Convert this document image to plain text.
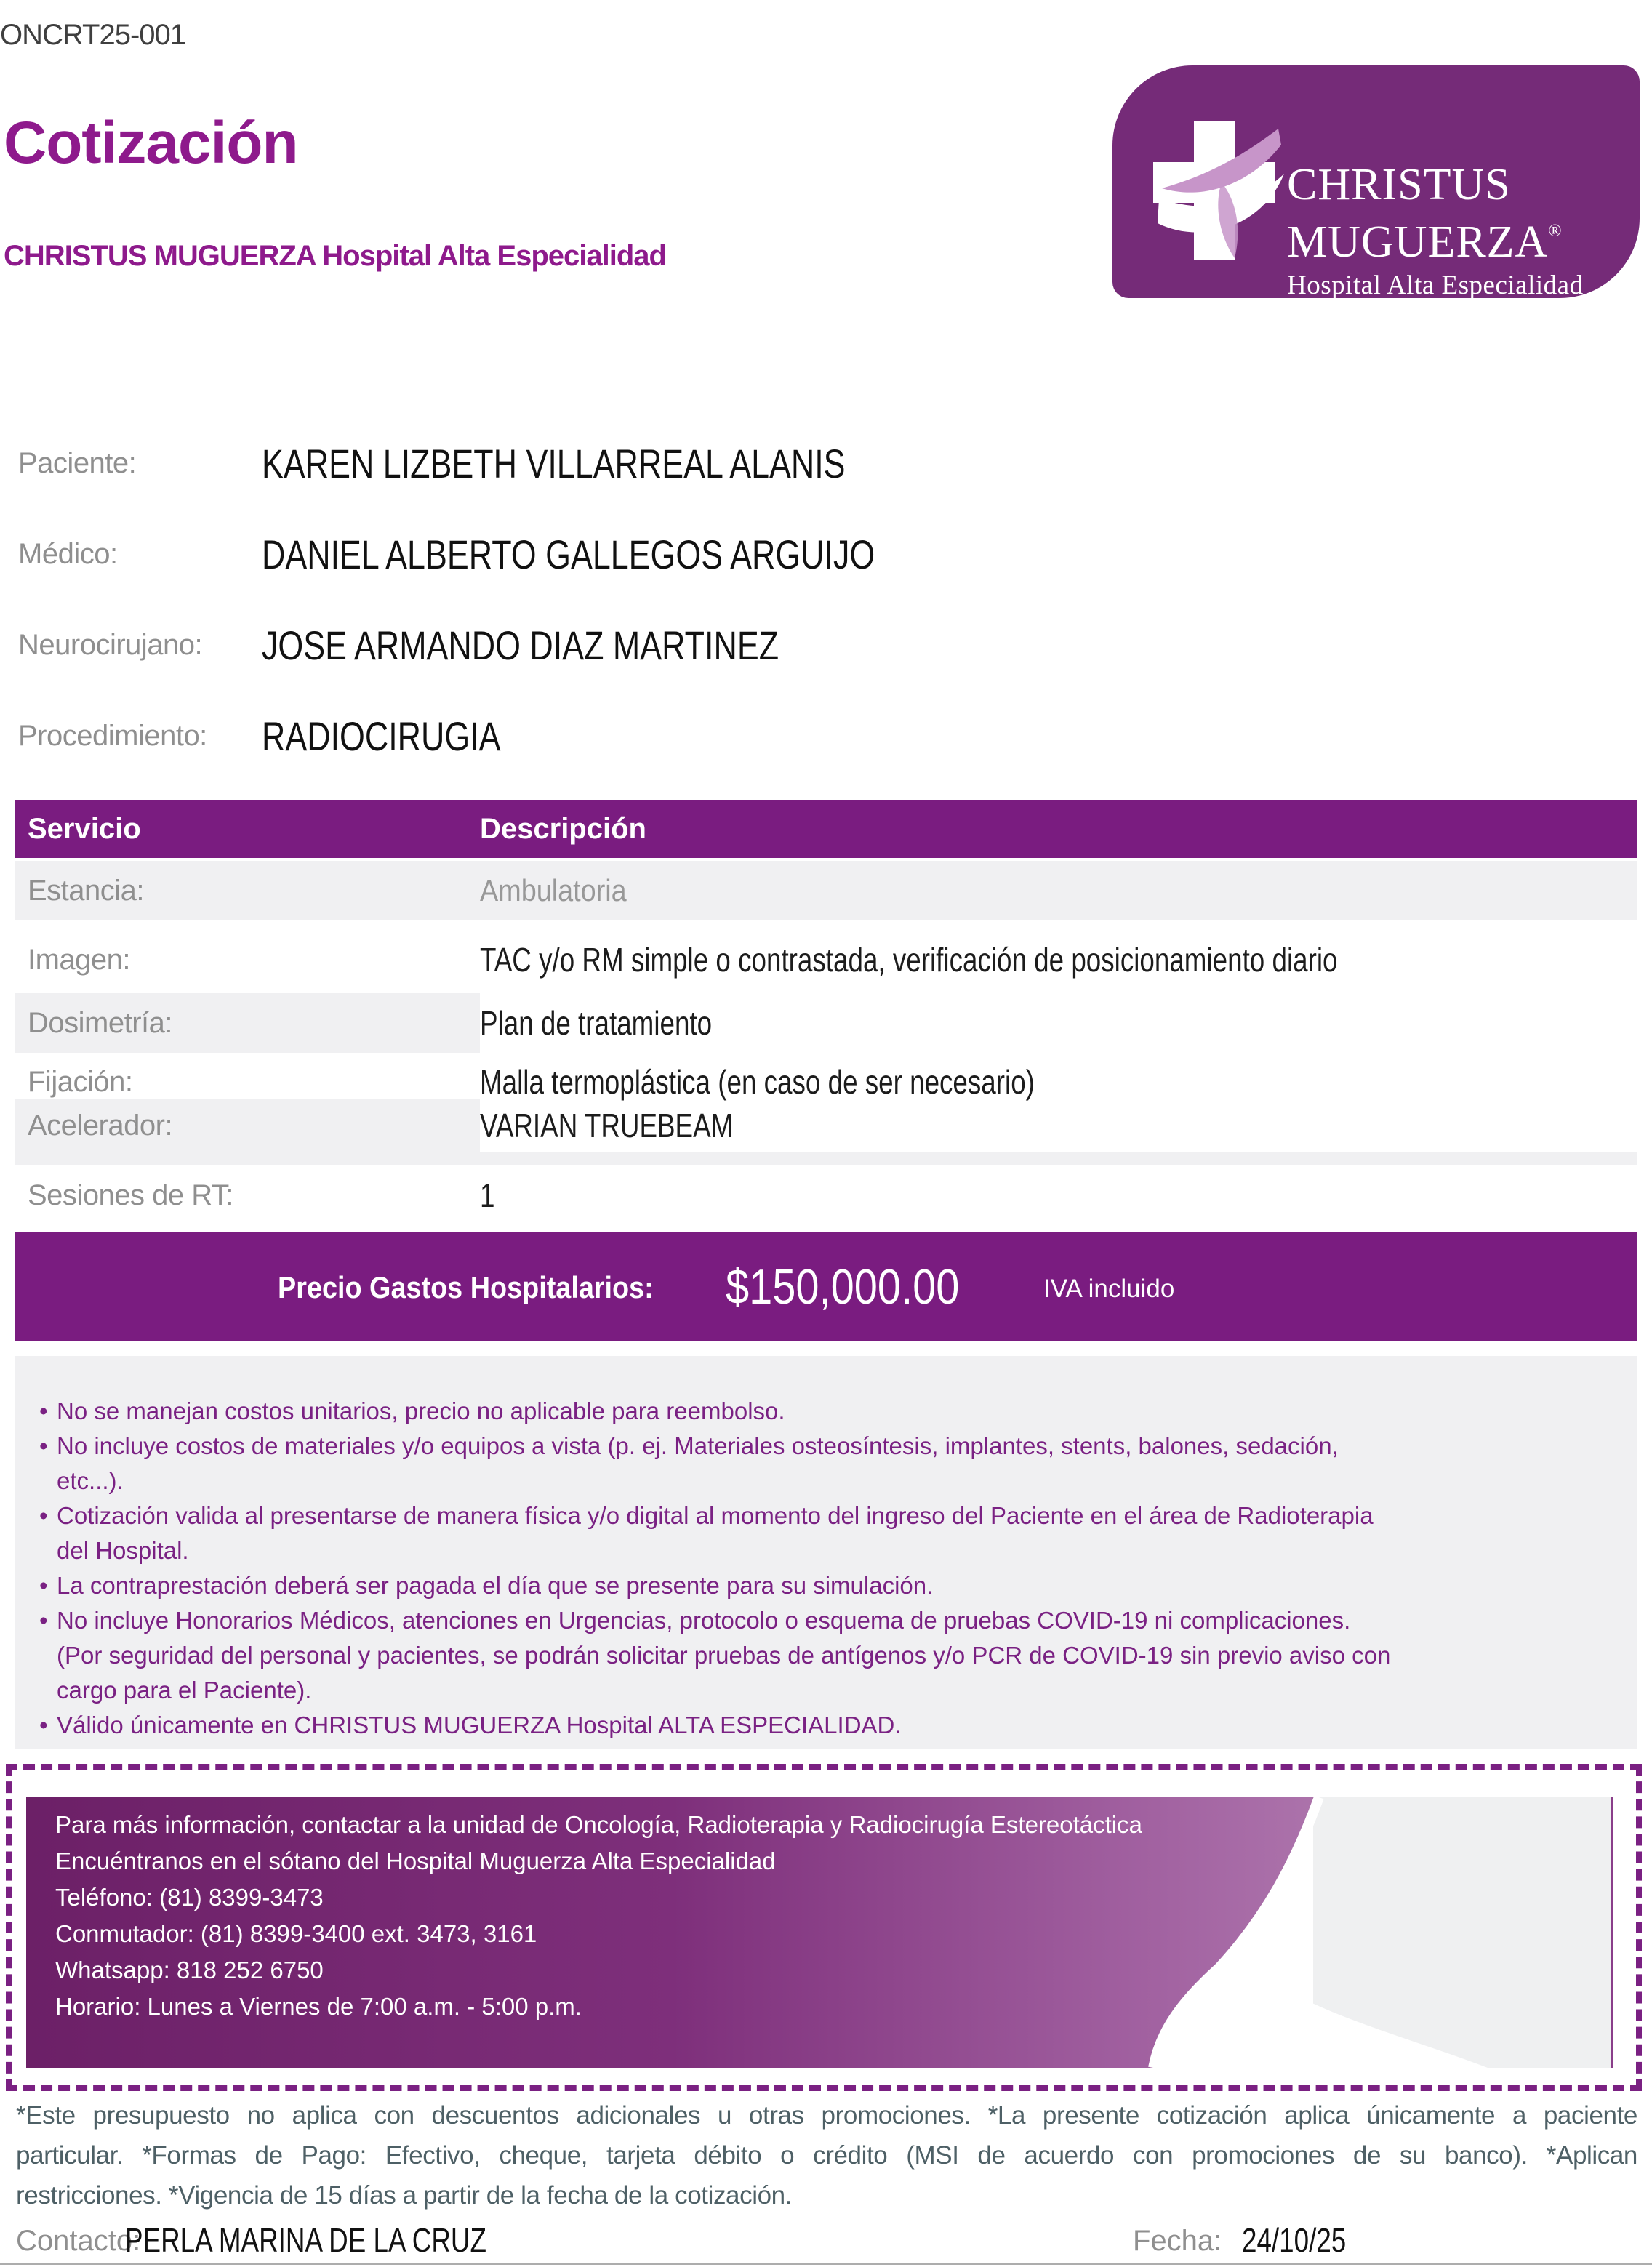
ONCRT25-001
Cotización
CHRISTUS MUGUERZA Hospital Alta Especialidad
CHRISTUS
MUGUERZA®
Hospital Alta Especialidad
Paciente:	KAREN LIZBETH VILLARREAL ALANIS
Médico:	DANIEL ALBERTO GALLEGOS ARGUIJO
Neurocirujano:	JOSE ARMANDO DIAZ MARTINEZ
Procedimiento:	RADIOCIRUGIA
Servicio	Descripción
Estancia:	Ambulatoria
Imagen:	TAC y/o RM simple o contrastada, verificación de posicionamiento diario
Dosimetría:	Plan de tratamiento
Fijación:	Malla termoplástica (en caso de ser necesario)
Acelerador:	VARIAN TRUEBEAM
Sesiones de RT:	1
Precio Gastos Hospitalarios:	$150,000.00	IVA incluido
• No se manejan costos unitarios, precio no aplicable para reembolso.
• No incluye costos de materiales y/o equipos a vista (p. ej. Materiales osteosíntesis, implantes, stents, balones, sedación,
etc...).
• Cotización valida al presentarse de manera física y/o digital al momento del ingreso del Paciente en el área de Radioterapia
del Hospital.
• La contraprestación deberá ser pagada el día que se presente para su simulación.
• No incluye Honorarios Médicos, atenciones en Urgencias, protocolo o esquema de pruebas COVID-19 ni complicaciones.
(Por seguridad del personal y pacientes, se podrán solicitar pruebas de antígenos y/o PCR de COVID-19 sin previo aviso con
cargo para el Paciente).
• Válido únicamente en CHRISTUS MUGUERZA Hospital ALTA ESPECIALIDAD.
Para más información, contactar a la unidad de Oncología, Radioterapia y Radiocirugía Estereotáctica
Encuéntranos en el sótano del Hospital Muguerza Alta Especialidad
Teléfono: (81) 8399-3473
Conmutador: (81) 8399-3400 ext. 3473, 3161
Whatsapp: 818 252 6750
Horario: Lunes a Viernes de 7:00 a.m. - 5:00 p.m.
*Este presupuesto no aplica con descuentos adicionales u otras promociones. *La presente cotización aplica únicamente a paciente
particular. *Formas de Pago: Efectivo, cheque, tarjeta débito o crédito (MSI de acuerdo con promociones de su banco). *Aplican
restricciones. *Vigencia de 15 días a partir de la fecha de la cotización.
Contacto:
PERLA MARINA DE LA CRUZ	Fecha: 24/10/25
